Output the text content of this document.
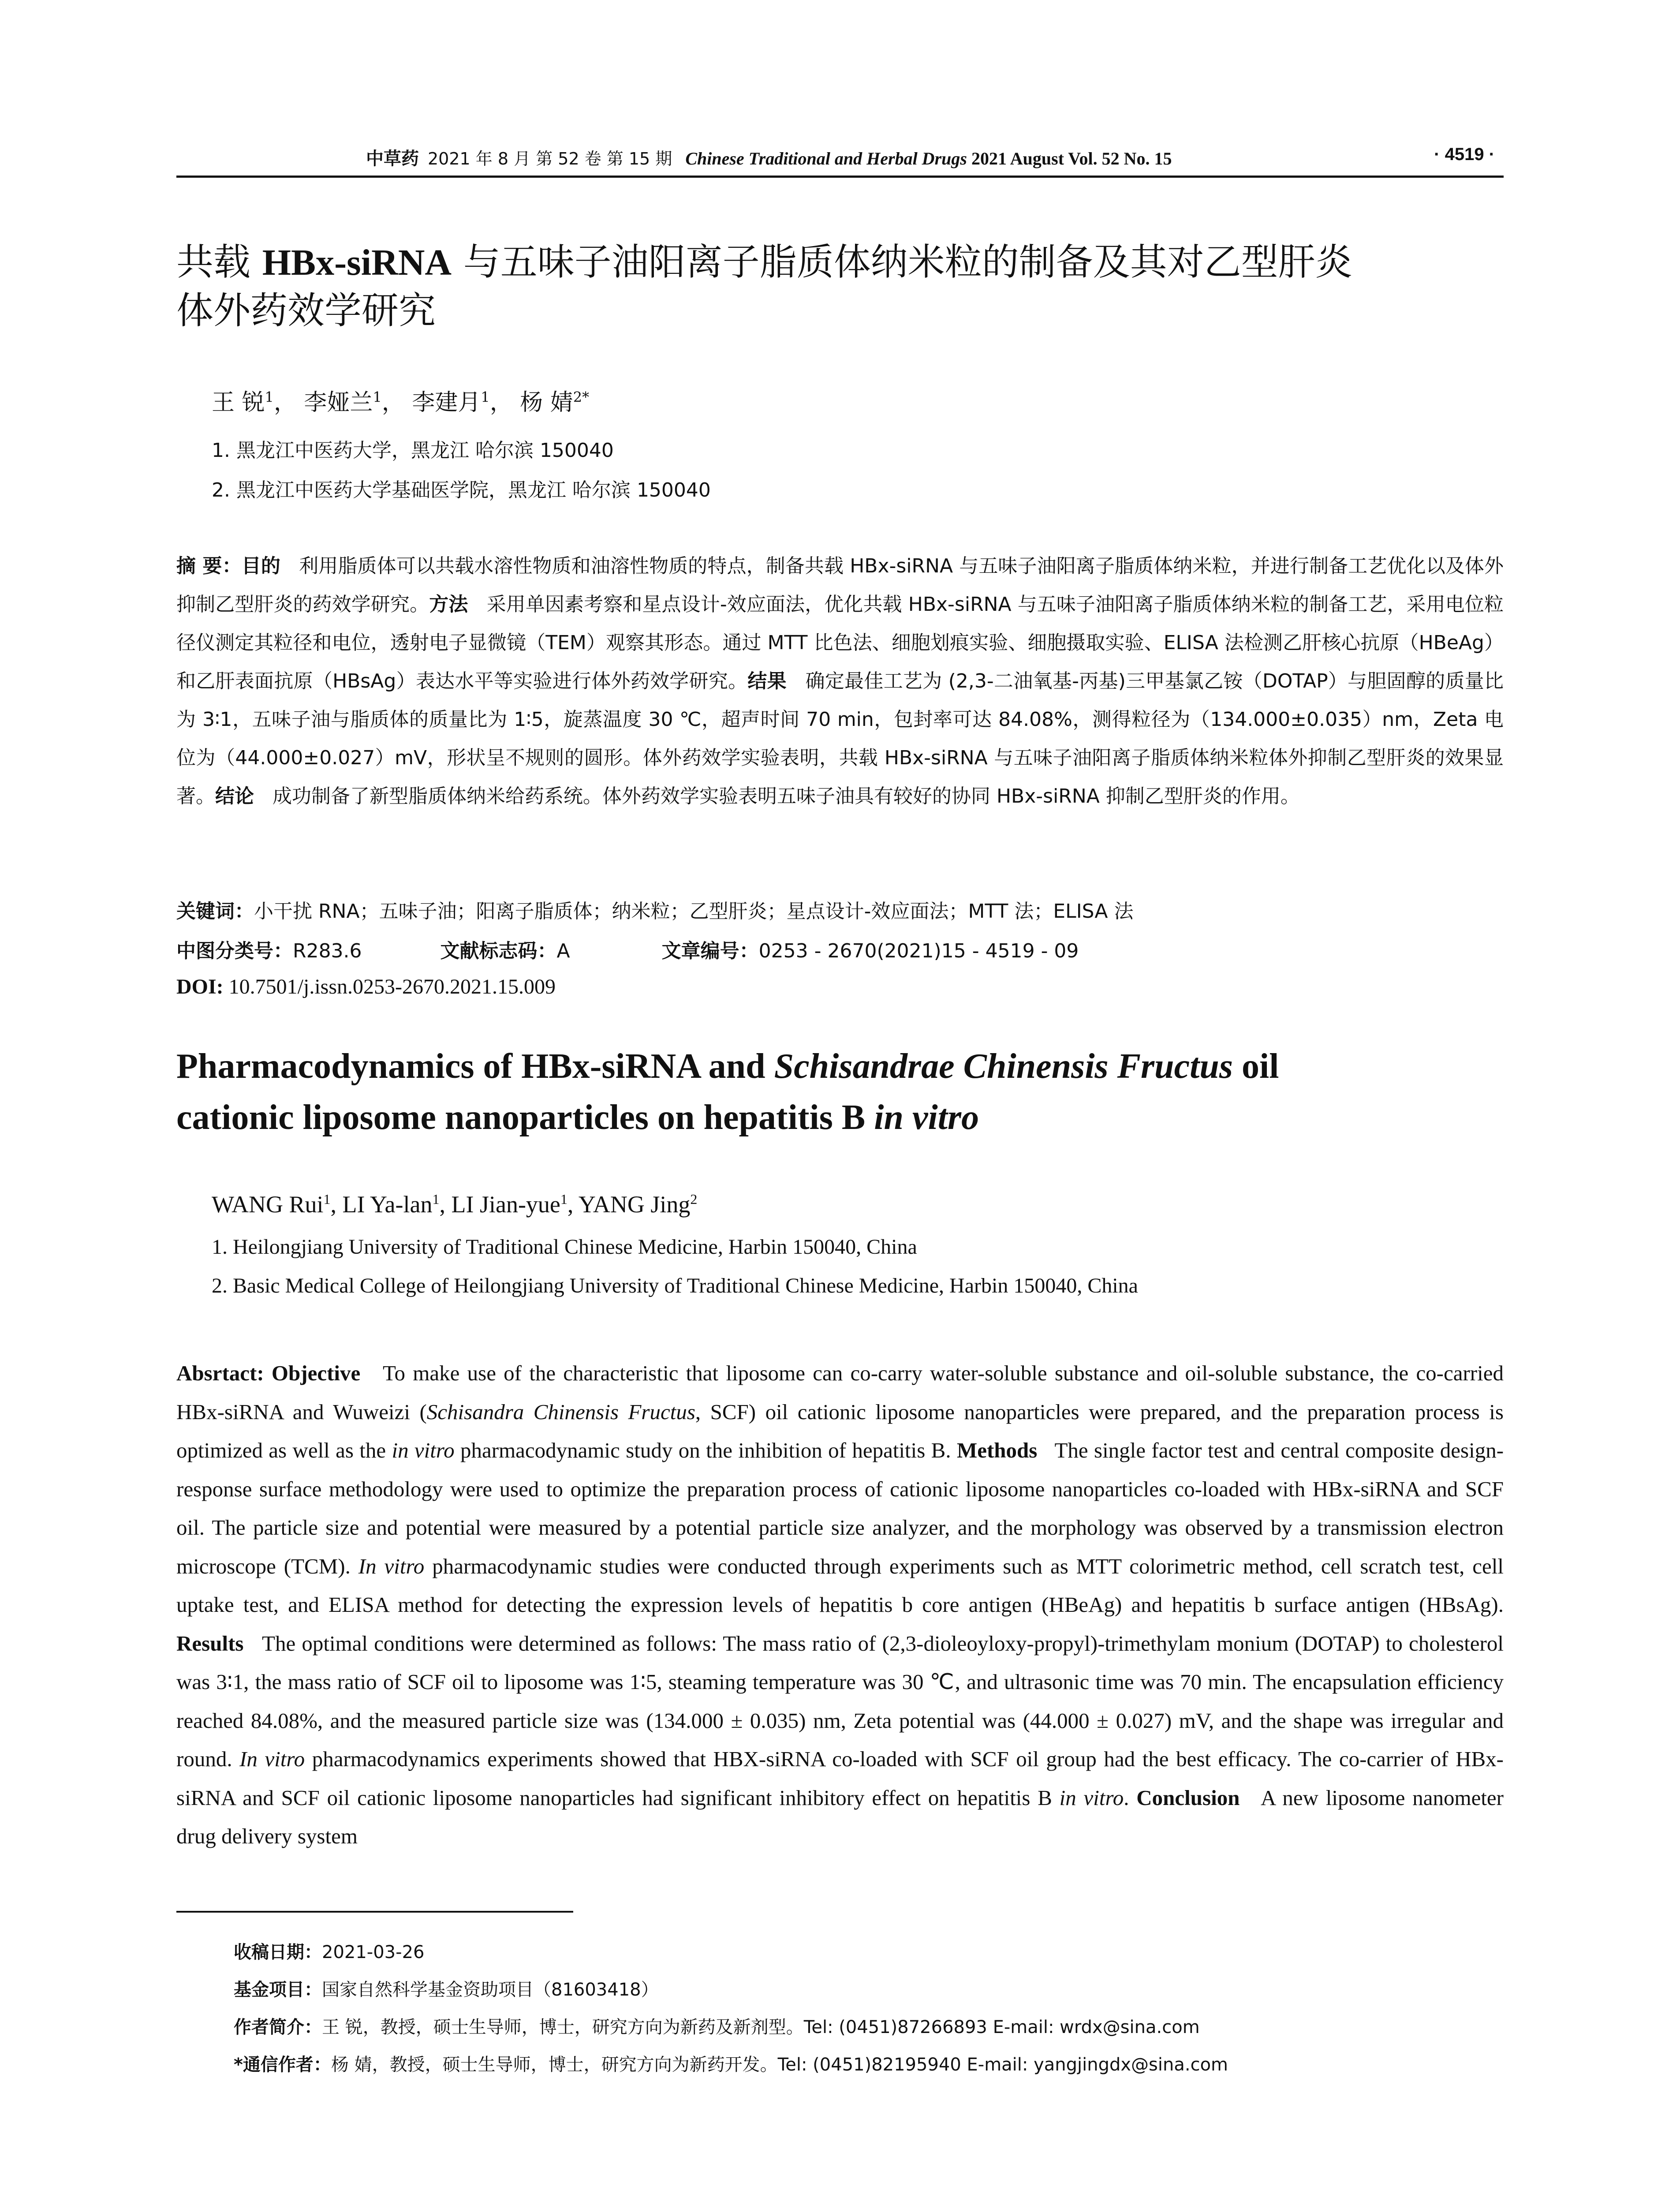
中草药 2021 年 8 月 第 52 卷 第 15 期 Chinese Traditional and Herbal Drugs 2021 August Vol. 52 No. 15	· 4519 ·
共载 HBx-siRNA 与五味子油阳离子脂质体纳米粒的制备及其对乙型肝炎
体外药效学研究
王 锐$^1$， 李娅兰$^1$， 李建月$^1$， 杨 婧$^{2*}$
1. 黑龙江中医药大学，黑龙江 哈尔滨 150040
2. 黑龙江中医药大学基础医学院，黑龙江 哈尔滨 150040
摘 要：目的 利用脂质体可以共载水溶性物质和油溶性物质的特点，制备共载 HBx-siRNA 与五味子油阳离子脂质体纳米粒，并进行制备工艺优化以及体外抑制乙型肝炎的药效学研究。方法 采用单因素考察和星点设计-效应面法，优化共载 HBx-siRNA 与五味子油阳离子脂质体纳米粒的制备工艺，采用电位粒径仪测定其粒径和电位，透射电子显微镜（TEM）观察其形态。通过 MTT 比色法、细胞划痕实验、细胞摄取实验、ELISA 法检测乙肝核心抗原（HBeAg）和乙肝表面抗原（HBsAg）表达水平等实验进行体外药效学研究。结果 确定最佳工艺为 (2,3-二油氧基-丙基)三甲基氯乙铵（DOTAP）与胆固醇的质量比为 3∶1，五味子油与脂质体的质量比为 1∶5，旋蒸温度 30 ℃，超声时间 70 min，包封率可达 84.08%，测得粒径为（134.000±0.035）nm，Zeta 电位为（44.000±0.027）mV，形状呈不规则的圆形。体外药效学实验表明，共载 HBx-siRNA 与五味子油阳离子脂质体纳米粒体外抑制乙型肝炎的效果显著。结论 成功制备了新型脂质体纳米给药系统。体外药效学实验表明五味子油具有较好的协同 HBx-siRNA 抑制乙型肝炎的作用。
关键词：小干扰 RNA；五味子油；阳离子脂质体；纳米粒；乙型肝炎；星点设计-效应面法；MTT 法；ELISA 法
中图分类号：R283.6	文献标志码：A	文章编号：0253 - 2670(2021)15 - 4519 - 09
DOI: 10.7501/j.issn.0253-2670.2021.15.009
Pharmacodynamics of HBx-siRNA and Schisandrae Chinensis Fructus oil
cationic liposome nanoparticles on hepatitis B in vitro
WANG Rui$^1$, LI Ya-lan$^1$, LI Jian-yue$^1$, YANG Jing$^2$
1. Heilongjiang University of Traditional Chinese Medicine, Harbin 150040, China
2. Basic Medical College of Heilongjiang University of Traditional Chinese Medicine, Harbin 150040, China
Absrtact: Objective To make use of the characteristic that liposome can co-carry water-soluble substance and oil-soluble substance, the co-carried HBx-siRNA and Wuweizi (Schisandra Chinensis Fructus, SCF) oil cationic liposome nanoparticles were prepared, and the preparation process is optimized as well as the in vitro pharmacodynamic study on the inhibition of hepatitis B. Methods The single factor test and central composite design-response surface methodology were used to optimize the preparation process of cationic liposome nanoparticles co-loaded with HBx-siRNA and SCF oil. The particle size and potential were measured by a potential particle size analyzer, and the morphology was observed by a transmission electron microscope (TCM). In vitro pharmacodynamic studies were conducted through experiments such as MTT colorimetric method, cell scratch test, cell uptake test, and ELISA method for detecting the expression levels of hepatitis b core antigen (HBeAg) and hepatitis b surface antigen (HBsAg). Results The optimal conditions were determined as follows: The mass ratio of (2,3-dioleoyloxy-propyl)-trimethylam monium (DOTAP) to cholesterol was 3∶1, the mass ratio of SCF oil to liposome was 1∶5, steaming temperature was 30 ℃, and ultrasonic time was 70 min. The encapsulation efficiency reached 84.08%, and the measured particle size was (134.000 ± 0.035) nm, Zeta potential was (44.000 ± 0.027) mV, and the shape was irregular and round. In vitro pharmacodynamics experiments showed that HBX-siRNA co-loaded with SCF oil group had the best efficacy. The co-carrier of HBx-siRNA and SCF oil cationic liposome nanoparticles had significant inhibitory effect on hepatitis B in vitro. Conclusion A new liposome nanometer drug delivery system
收稿日期：2021-03-26
基金项目：国家自然科学基金资助项目（81603418）
作者简介：王 锐，教授，硕士生导师，博士，研究方向为新药及新剂型。Tel: (0451)87266893 E-mail: wrdx@sina.com
*通信作者：杨 婧，教授，硕士生导师，博士，研究方向为新药开发。Tel: (0451)82195940 E-mail: yangjingdx@sina.com
